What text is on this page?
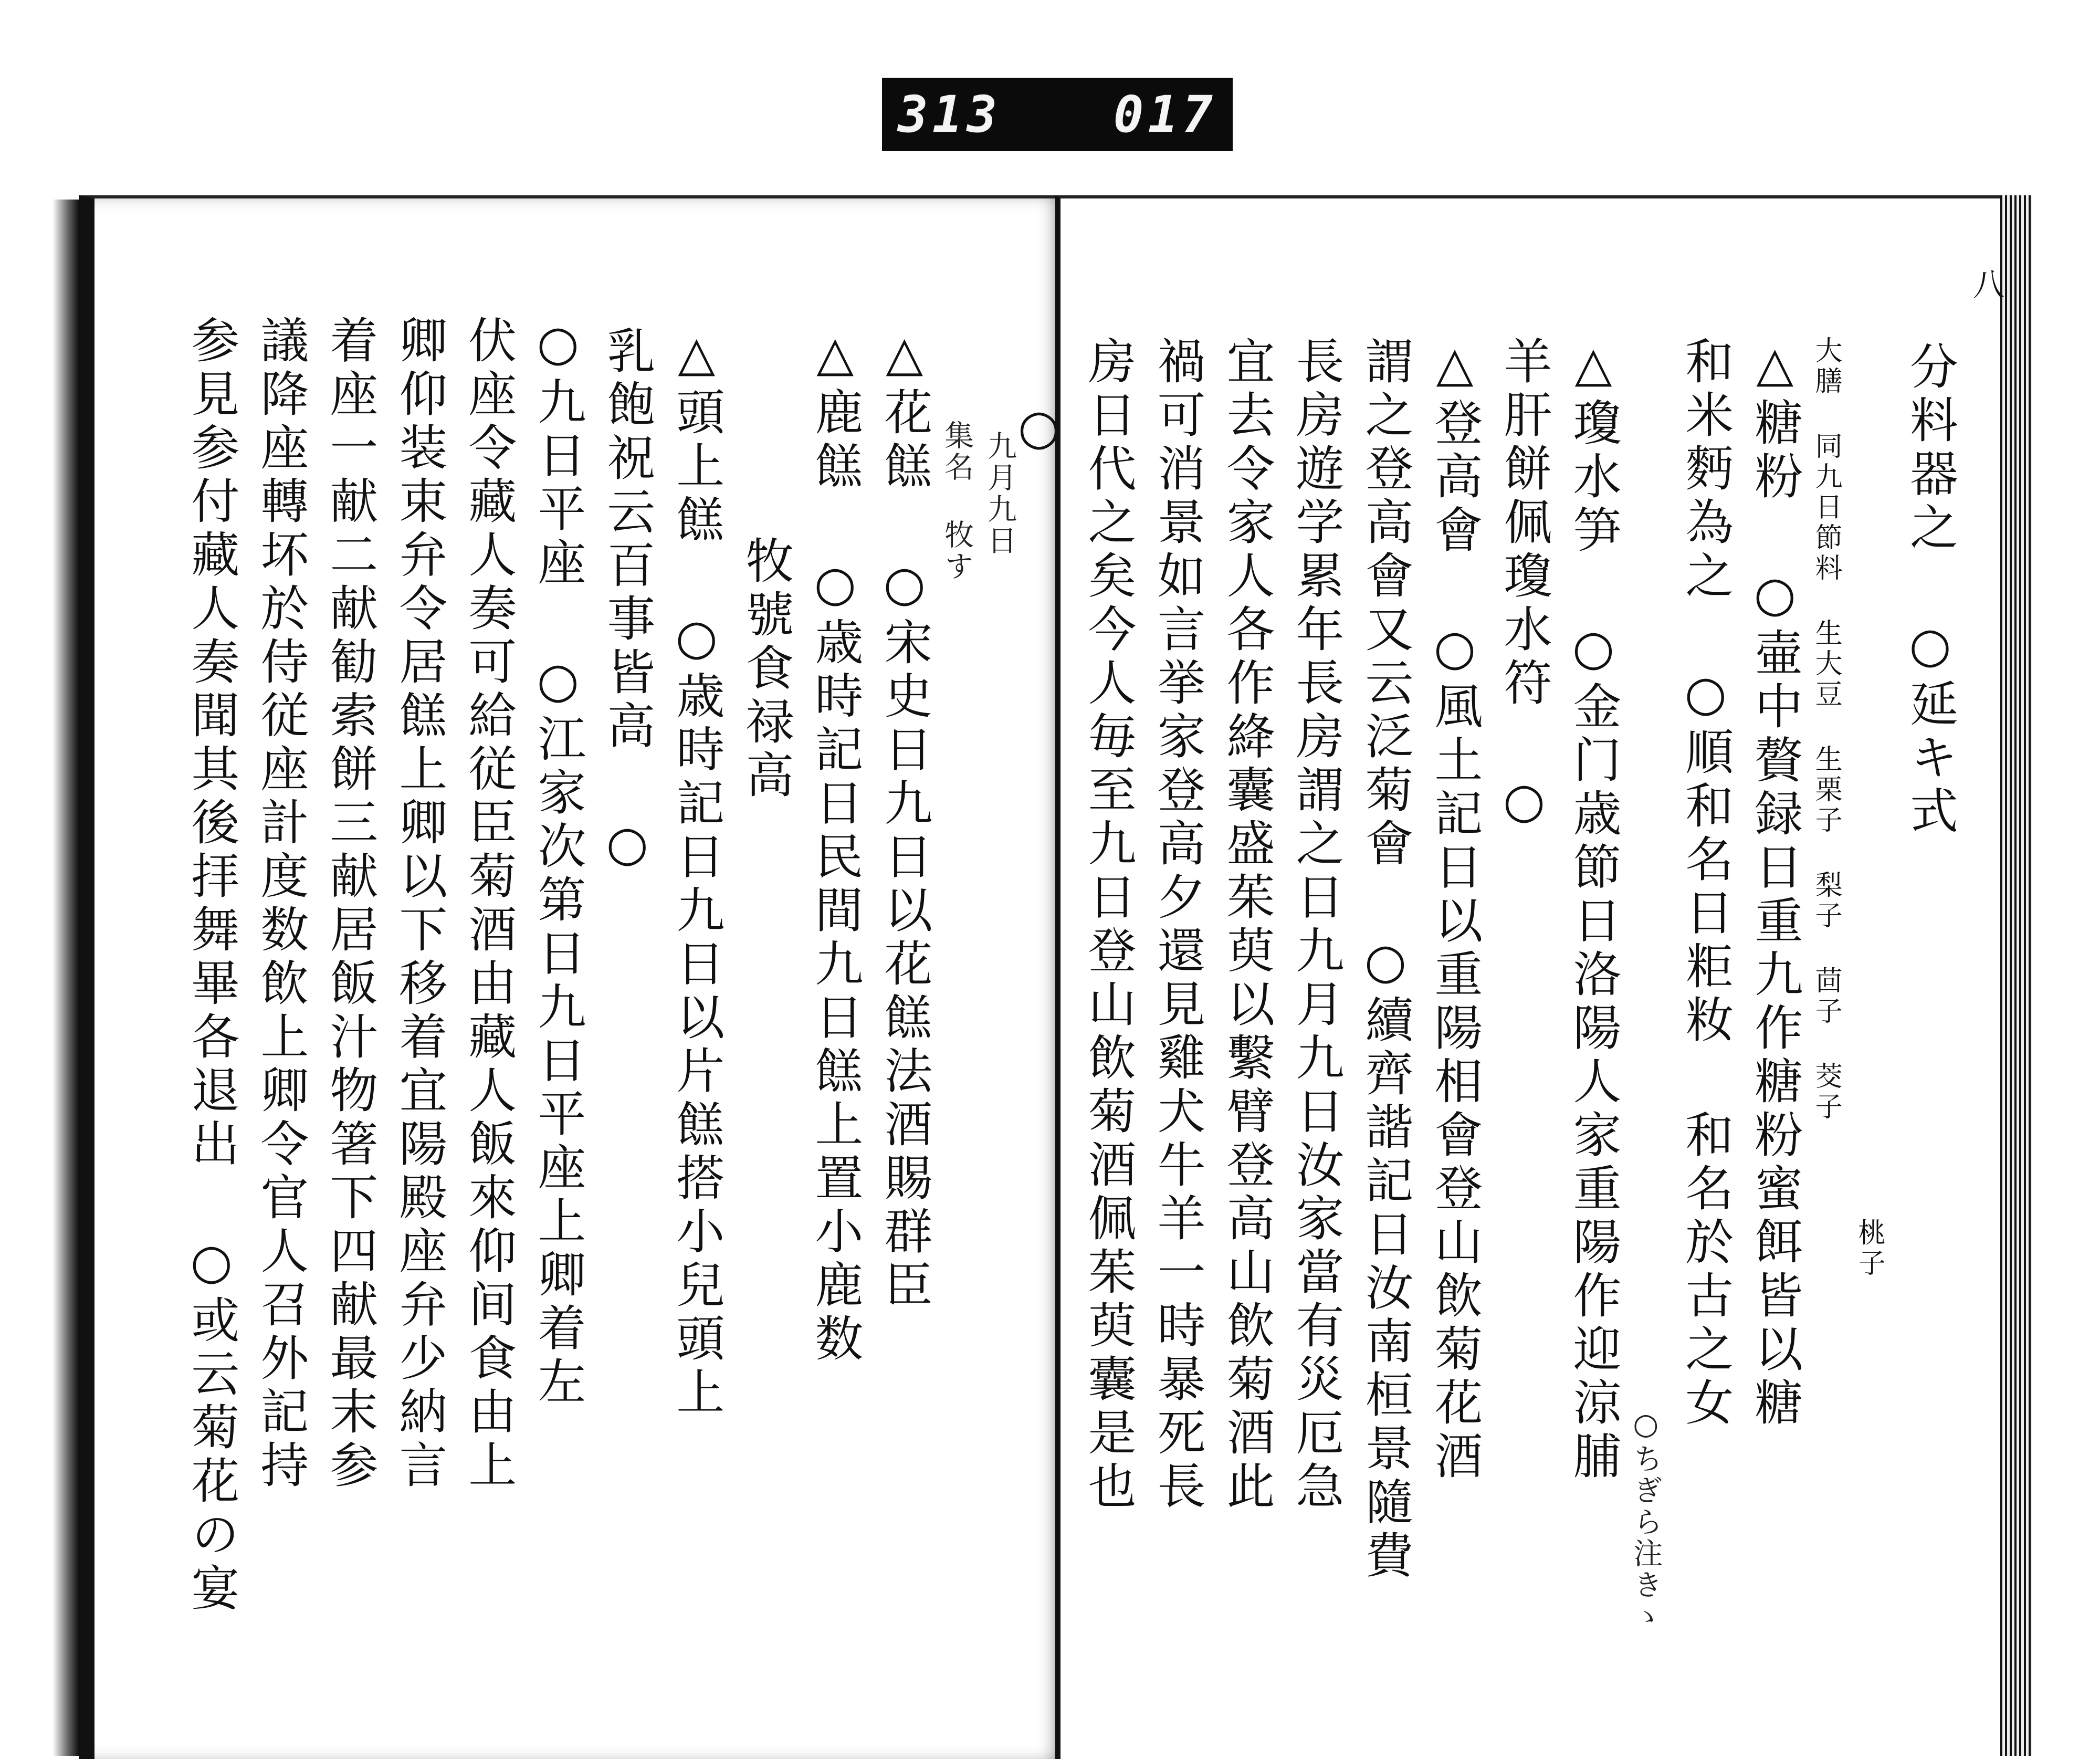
313 017
八
分料器之 ○延キ式
桃子
大膳 同九日節料 生大豆 生栗子 梨子 茴子 茭子
△糖粉 ○壷中贅録日重九作糖粉蜜餌皆以糖
和米麪為之 ○順和名日粔籹 和名於古之女
○ちぎら注きゝ
△瓊水笋 ○金门歳節日洛陽人家重陽作迎涼脯
羊肝餅佩瓊水符 ○
△登高會 ○風土記日以重陽相會登山飲菊花酒
謂之登高會又云泛菊會 ○續齊諧記日汝南桓景隨費
長房遊学累年長房謂之日九月九日汝家當有災厄急
宜去令家人各作絳囊盛茱萸以繫臂登高山飲菊酒此
禍可消景如言挙家登高夕還見雞犬牛羊一時暴死長
房日代之矣今人毎至九日登山飲菊酒佩茱萸囊是也
○
九月九日
集名 牧す
△花餻 ○宋史日九日以花餻法酒賜群臣
△鹿餻 ○歳時記日民間九日餻上置小鹿数
牧號食禄高
△頭上餻 ○歳時記日九日以片餻搭小兒頭上
乳飽祝云百事皆高 ○
○九日平座 ○江家次第日九日平座上卿着左
伏座令藏人奏可給従臣菊酒由藏人飯來仰间食由上
卿仰装束弁令居餻上卿以下移着宜陽殿座弁少納言
着座一献二献勧索餅三献居飯汁物箸下四献最末参
議降座轉坏於侍従座計度数飲上卿令官人召外記持
参見参付藏人奏聞其後拝舞畢各退出 ○或云菊花の宴
